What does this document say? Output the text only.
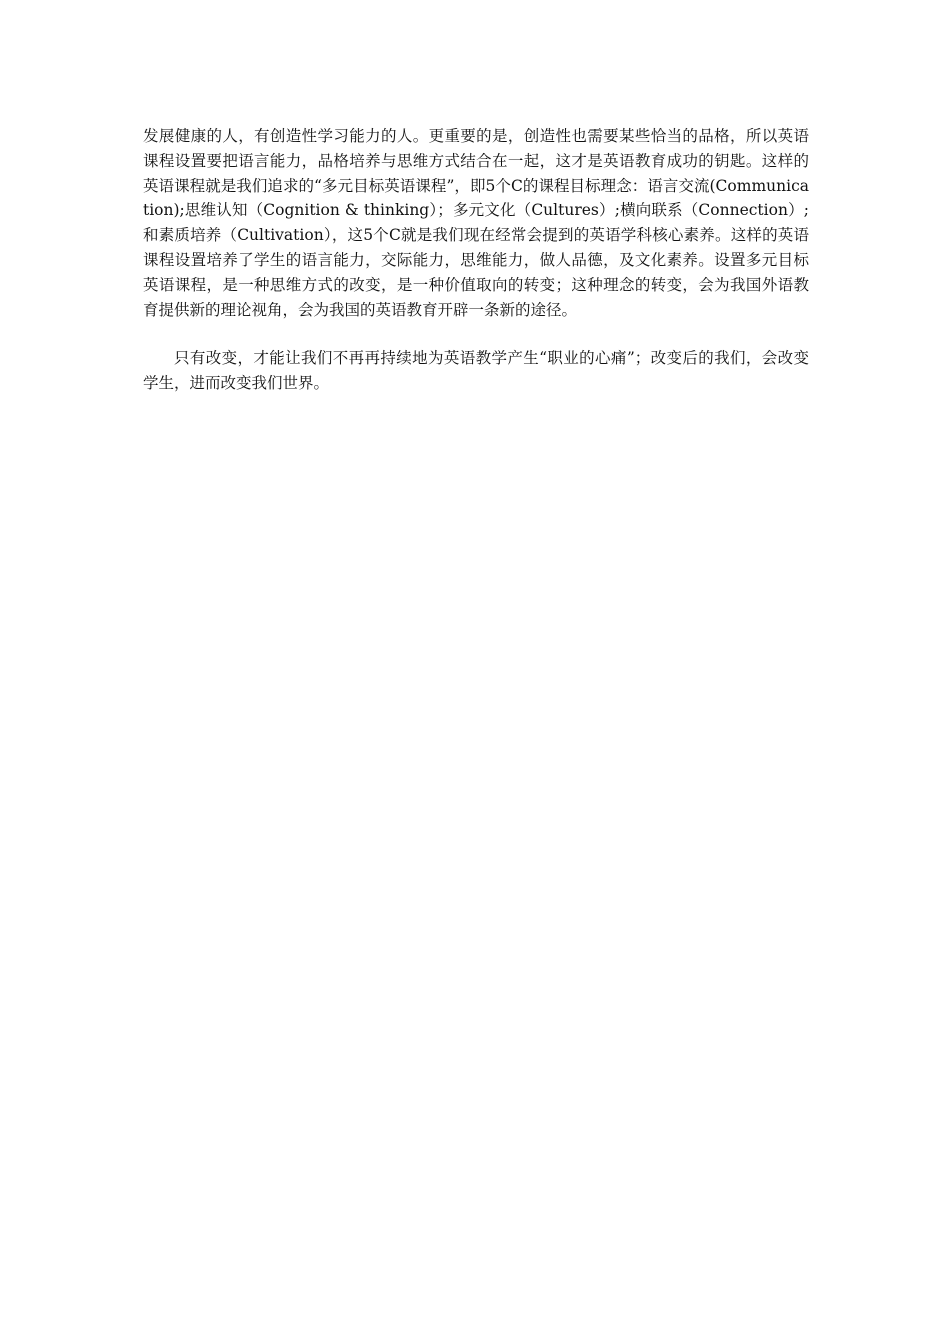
发展健康的人，有创造性学习能力的人。更重要的是，创造性也需要某些恰当的品格，所以英语课程设置要把语言能力，品格培养与思维方式结合在一起，这才是英语教育成功的钥匙。这样的英语课程就是我们追求的“多元目标英语课程”，即5个C的课程目标理念：语言交流(Communication);思维认知（Cognition & thinking）；多元文化（Cultures）;横向联系（Connection）;和素质培养（Cultivation），这5个C就是我们现在经常会提到的英语学科核心素养。这样的英语课程设置培养了学生的语言能力，交际能力，思维能力，做人品德，及文化素养。设置多元目标英语课程，是一种思维方式的改变，是一种价值取向的转变；这种理念的转变，会为我国外语教育提供新的理论视角，会为我国的英语教育开辟一条新的途径。

只有改变，才能让我们不再再持续地为英语教学产生“职业的心痛”；改变后的我们，会改变学生，进而改变我们世界。
